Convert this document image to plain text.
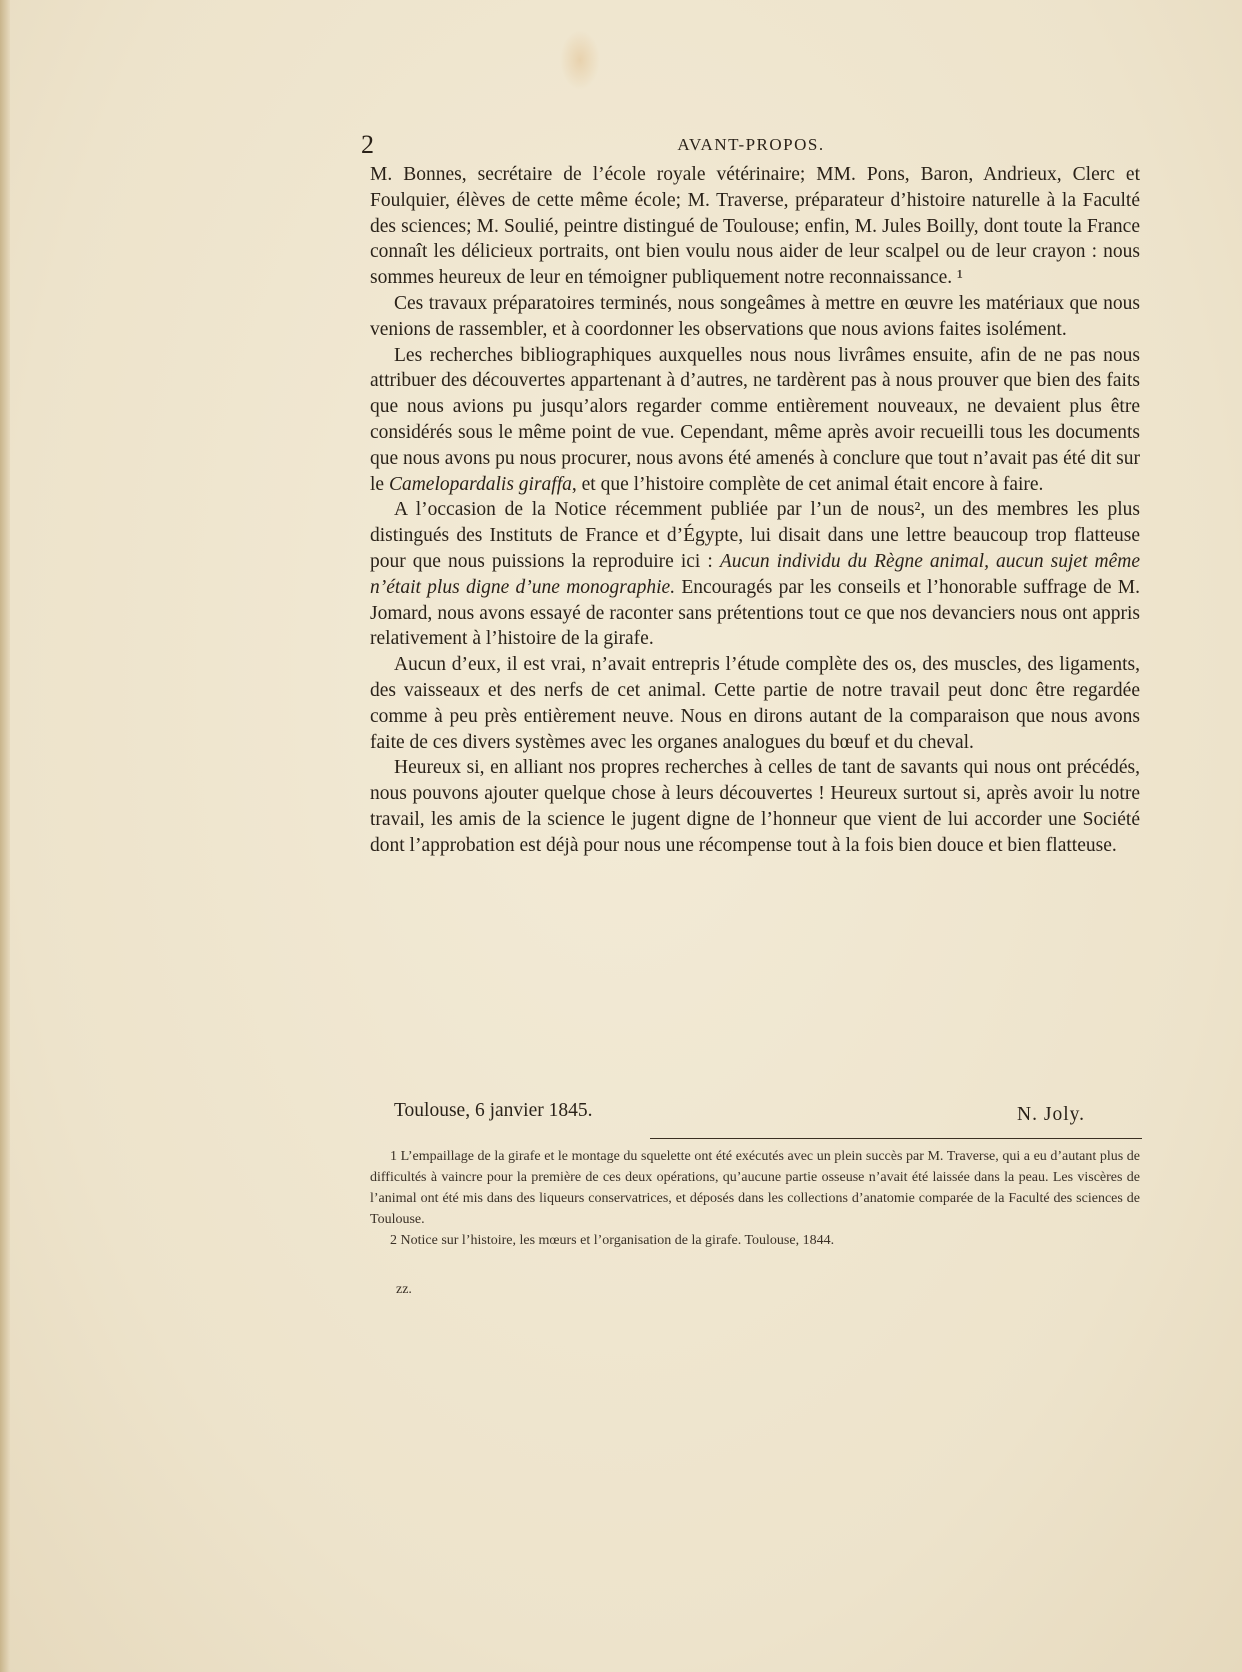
2	AVANT-PROPOS.

M. Bonnes, secrétaire de l’école royale vétérinaire; MM. Pons, Baron, Andrieux, Clerc et Foulquier, élèves de cette même école; M. Traverse, préparateur d’histoire naturelle à la Faculté des sciences; M. Soulié, peintre distingué de Toulouse; enfin, M. Jules Boilly, dont toute la France connaît les délicieux portraits, ont bien voulu nous aider de leur scalpel ou de leur crayon : nous sommes heureux de leur en témoigner publiquement notre reconnaissance. ¹

Ces travaux préparatoires terminés, nous songeâmes à mettre en œuvre les matériaux que nous venions de rassembler, et à coordonner les observations que nous avions faites isolément.

Les recherches bibliographiques auxquelles nous nous livrâmes ensuite, afin de ne pas nous attribuer des découvertes appartenant à d’autres, ne tardèrent pas à nous prouver que bien des faits que nous avions pu jusqu’alors regarder comme entièrement nouveaux, ne devaient plus être considérés sous le même point de vue. Cependant, même après avoir recueilli tous les documents que nous avons pu nous procurer, nous avons été amenés à conclure que tout n’avait pas été dit sur le Camelopardalis giraffa, et que l’histoire complète de cet animal était encore à faire.

A l’occasion de la Notice récemment publiée par l’un de nous², un des membres les plus distingués des Instituts de France et d’Égypte, lui disait dans une lettre beaucoup trop flatteuse pour que nous puissions la reproduire ici : Aucun individu du Règne animal, aucun sujet même n’était plus digne d’une monographie. Encouragés par les conseils et l’honorable suffrage de M. Jomard, nous avons essayé de raconter sans prétentions tout ce que nos devanciers nous ont appris relativement à l’histoire de la girafe.

Aucun d’eux, il est vrai, n’avait entrepris l’étude complète des os, des muscles, des ligaments, des vaisseaux et des nerfs de cet animal. Cette partie de notre travail peut donc être regardée comme à peu près entièrement neuve. Nous en dirons autant de la comparaison que nous avons faite de ces divers systèmes avec les organes analogues du bœuf et du cheval.

Heureux si, en alliant nos propres recherches à celles de tant de savants qui nous ont précédés, nous pouvons ajouter quelque chose à leurs découvertes ! Heureux surtout si, après avoir lu notre travail, les amis de la science le jugent digne de l’honneur que vient de lui accorder une Société dont l’approbation est déjà pour nous une récompense tout à la fois bien douce et bien flatteuse.

Toulouse, 6 janvier 1845.	N. Joly.

1 L’empaillage de la girafe et le montage du squelette ont été exécutés avec un plein succès par M. Traverse, qui a eu d’autant plus de difficultés à vaincre pour la première de ces deux opérations, qu’aucune partie osseuse n’avait été laissée dans la peau. Les viscères de l’animal ont été mis dans des liqueurs conservatrices, et déposés dans les collections d’anatomie comparée de la Faculté des sciences de Toulouse.

2 Notice sur l’histoire, les mœurs et l’organisation de la girafe. Toulouse, 1844.

zz.
